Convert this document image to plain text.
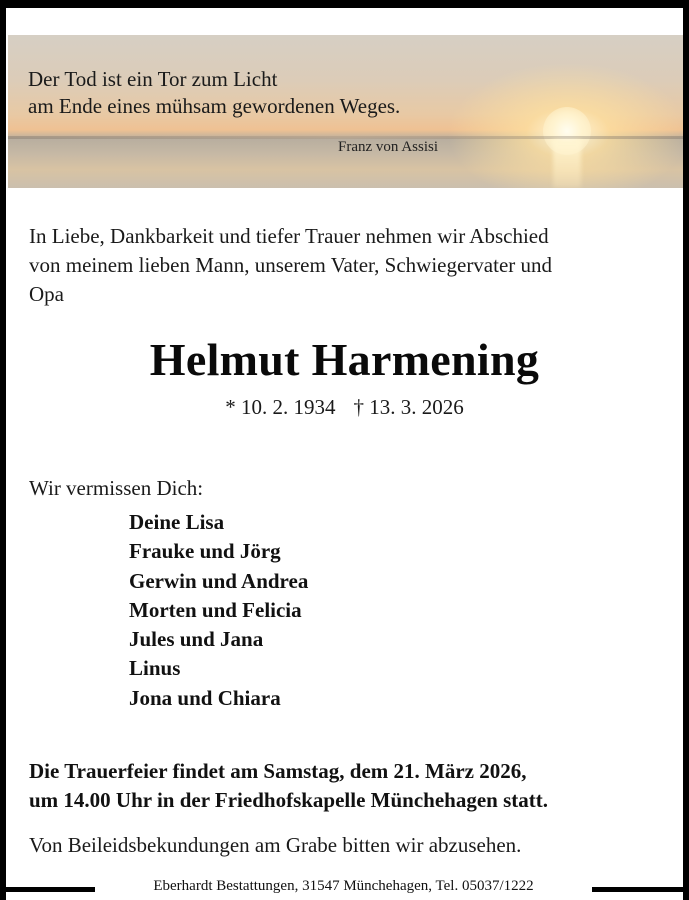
Der Tod ist ein Tor zum Licht
am Ende eines mühsam gewordenen Weges.
Franz von Assisi
In Liebe, Dankbarkeit und tiefer Trauer nehmen wir Abschied
von meinem lieben Mann, unserem Vater, Schwiegervater und
Opa
Helmut Harmening
* 10. 2. 1934 † 13. 3. 2026
Wir vermissen Dich:
Deine Lisa
Frauke und Jörg
Gerwin und Andrea
Morten und Felicia
Jules und Jana
Linus
Jona und Chiara
Die Trauerfeier findet am Samstag, dem 21. März 2026,
um 14.00 Uhr in der Friedhofskapelle Münchehagen statt.
Von Beileidsbekundungen am Grabe bitten wir abzusehen.
Eberhardt Bestattungen, 31547 Münchehagen, Tel. 05037/1222
